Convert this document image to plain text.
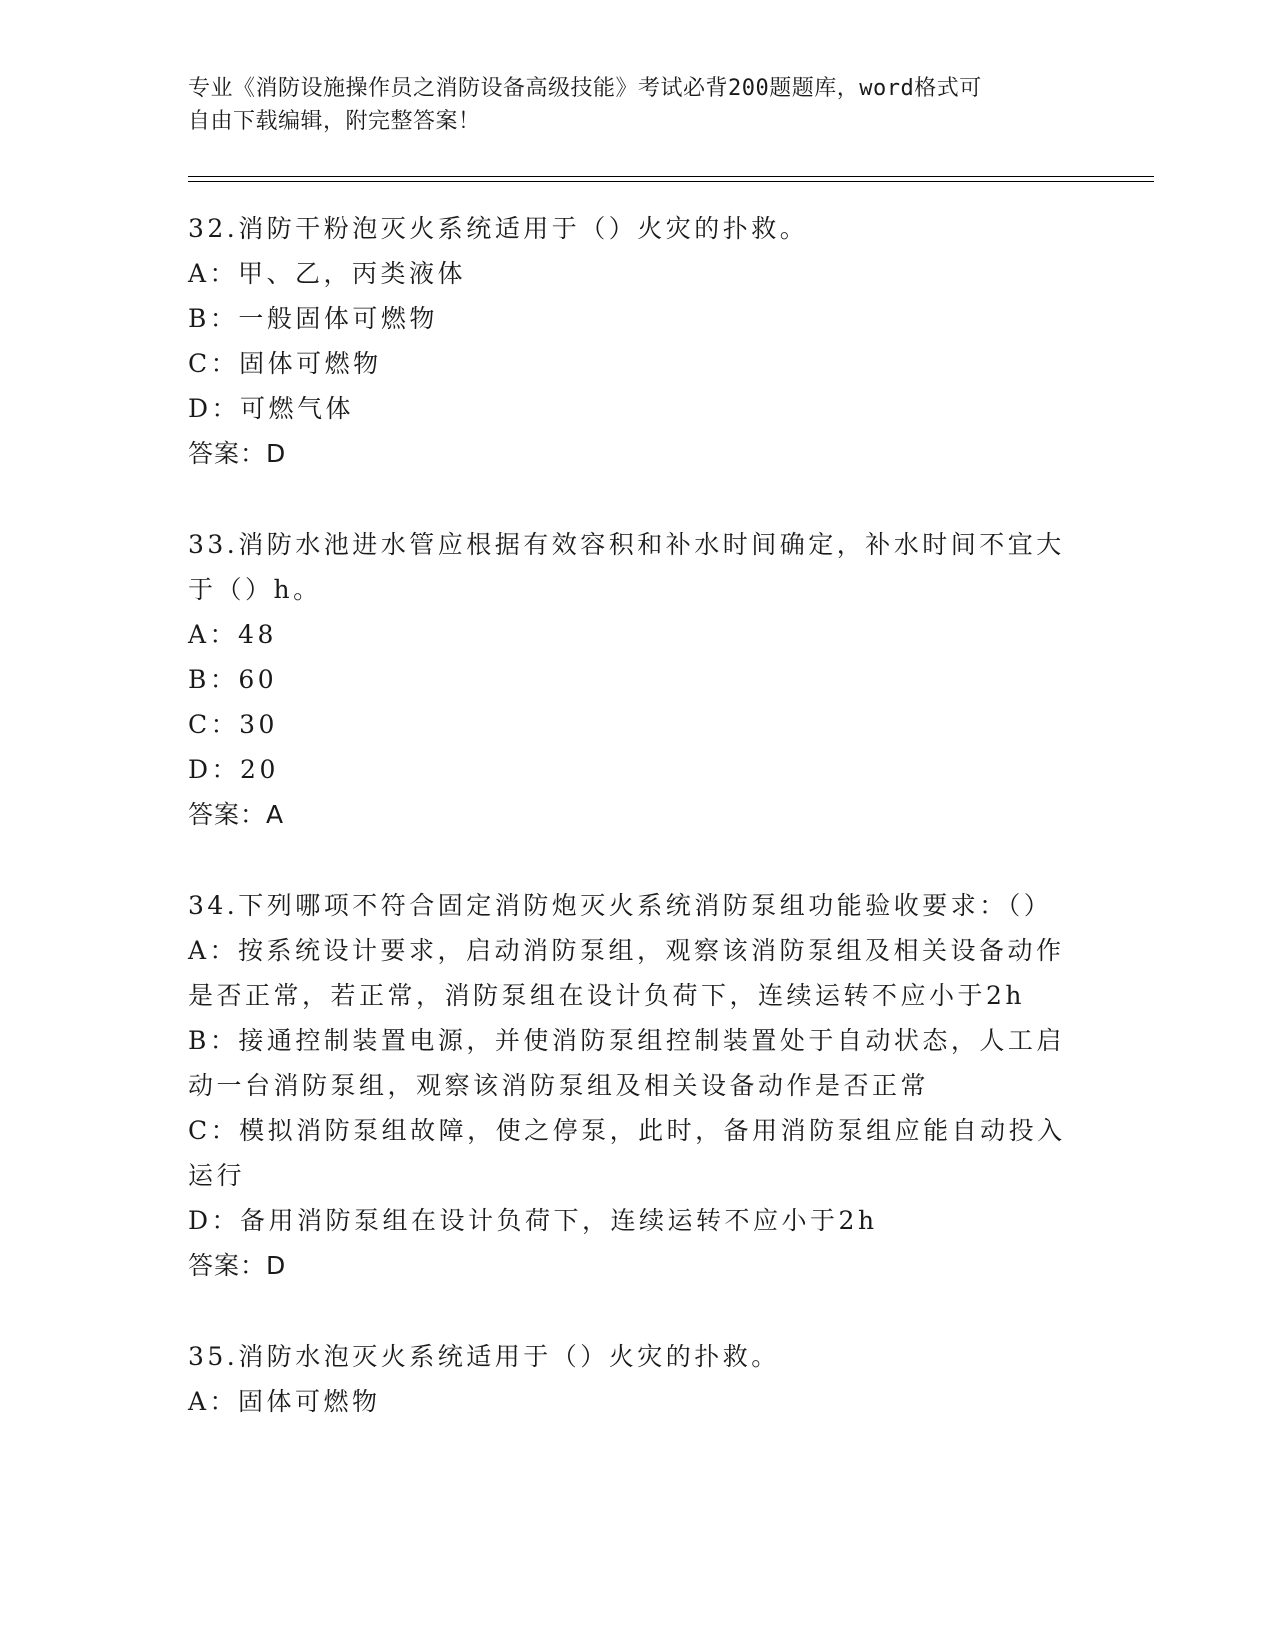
专业《消防设施操作员之消防设备高级技能》考试必背200题题库，word格式可
自由下载编辑，附完整答案！
32.消防干粉泡灭火系统适用于（）火灾的扑救。
A：甲、乙，丙类液体
B：一般固体可燃物
C：固体可燃物
D：可燃气体
答案：D
33.消防水池进水管应根据有效容积和补水时间确定，补水时间不宜大
于（）h。
A：48
B：60
C：30
D：20
答案：A
34.下列哪项不符合固定消防炮灭火系统消防泵组功能验收要求：（）
A：按系统设计要求，启动消防泵组，观察该消防泵组及相关设备动作
是否正常，若正常，消防泵组在设计负荷下，连续运转不应小于2h
B：接通控制装置电源，并使消防泵组控制装置处于自动状态，人工启
动一台消防泵组，观察该消防泵组及相关设备动作是否正常
C：模拟消防泵组故障，使之停泵，此时，备用消防泵组应能自动投入
运行
D：备用消防泵组在设计负荷下，连续运转不应小于2h
答案：D
35.消防水泡灭火系统适用于（）火灾的扑救。
A：固体可燃物
